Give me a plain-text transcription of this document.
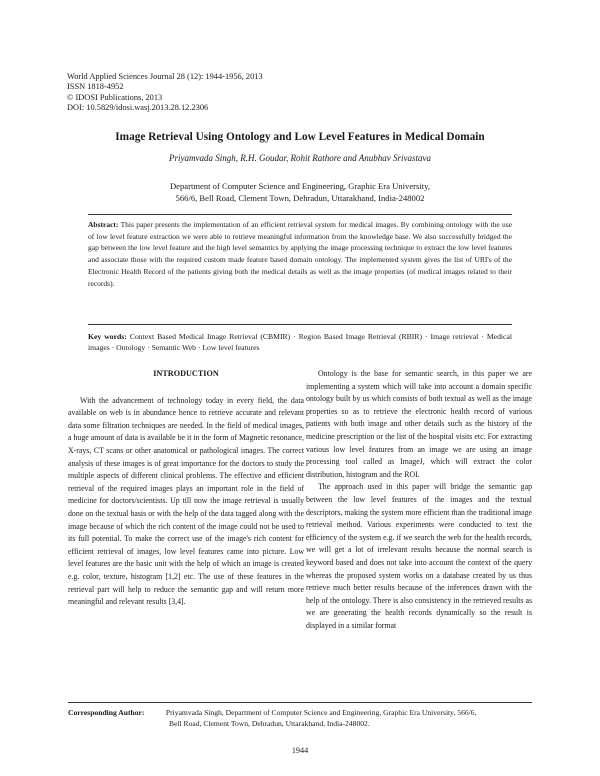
World Applied Sciences Journal 28 (12): 1944-1956, 2013
ISSN 1818-4952
© IDOSI Publications, 2013
DOI: 10.5829/idosi.wasj.2013.28.12.2306
Image Retrieval Using Ontology and Low Level Features in Medical Domain
Priyamvada Singh, R.H. Goudar, Rohit Rathore and Anubhav Srivastava
Department of Computer Science and Engineering, Graphic Era University,
566/6, Bell Road, Clement Town, Dehradun, Uttarakhand, India-248002
Abstract: This paper presents the implementation of an efficient retrieval system for medical images. By combining ontology with the use of low level feature extraction we were able to retrieve meaningful information from the knowledge base. We also successfully bridged the gap between the low level feature and the high level semantics by applying the image processing technique to extract the low level features and associate those with the required custom made feature based domain ontology. The implemented system gives the list of URI's of the Electronic Health Record of the patients giving both the medical details as well as the image properties (of medical images related to their records).
Key words: Context Based Medical Image Retrieval (CBMIR) · Region Based Image Retrieval (RBIR) · Image retrieval · Medical images · Ontology · Semantic Web · Low level features
INTRODUCTION

With the advancement of technology today in every field, the data available on web is in abundance hence to retrieve accurate and relevant data some filtration techniques are needed. In the field of medical images, a huge amount of data is available be it in the form of Magnetic resonance, X-rays, CT scans or other anatomical or pathological images. The correct analysis of these images is of great importance for the doctors to study the multiple aspects of different clinical problems. The effective and efficient retrieval of the required images plays an important role in the field of medicine for doctors/scientists. Up till now the image retrieval is usually done on the textual basis or with the help of the data tagged along with the image because of which the rich content of the image could not be used to its full potential. To make the correct use of the image's rich content for efficient retrieval of images, low level features came into picture. Low level features are the basic unit with the help of which an image is created e.g. color, texture, histogram [1,2] etc. The use of these features in the retrieval part will help to reduce the semantic gap and will return more meaningful and relevant results [3,4].

Ontology is the base for semantic search, in this paper we are implementing a system which will take into account a domain specific ontology built by us which consists of both textual as well as the image properties so as to retrieve the electronic health record of various patients with both image and other details such as the history of the medicine prescription or the list of the hospital visits etc. For extracting various low level features from an image we are using an image processing tool called as ImageJ, which will extract the color distribution, histogram and the ROI.

The approach used in this paper will bridge the semantic gap between the low level features of the images and the textual descriptors, making the system more efficient than the traditional image retrieval method. Various experiments were conducted to test the efficiency of the system e.g. if we search the web for the health records, we will get a lot of irrelevant results because the normal search is keyword based and does not take into account the context of the query whereas the proposed system works on a database created by us thus retrieve much better results because of the inferences drawn with the help of the ontology. There is also consistency in the retrieved results as we are generating the health records dynamically so the result is displayed in a similar format

Corresponding Author:	Priyamvada Singh, Department of Computer Science and Engineering, Graphic Era University, 566/6,
Bell Road, Clement Town, Dehradun, Uttarakhand, India-248002.
1944
